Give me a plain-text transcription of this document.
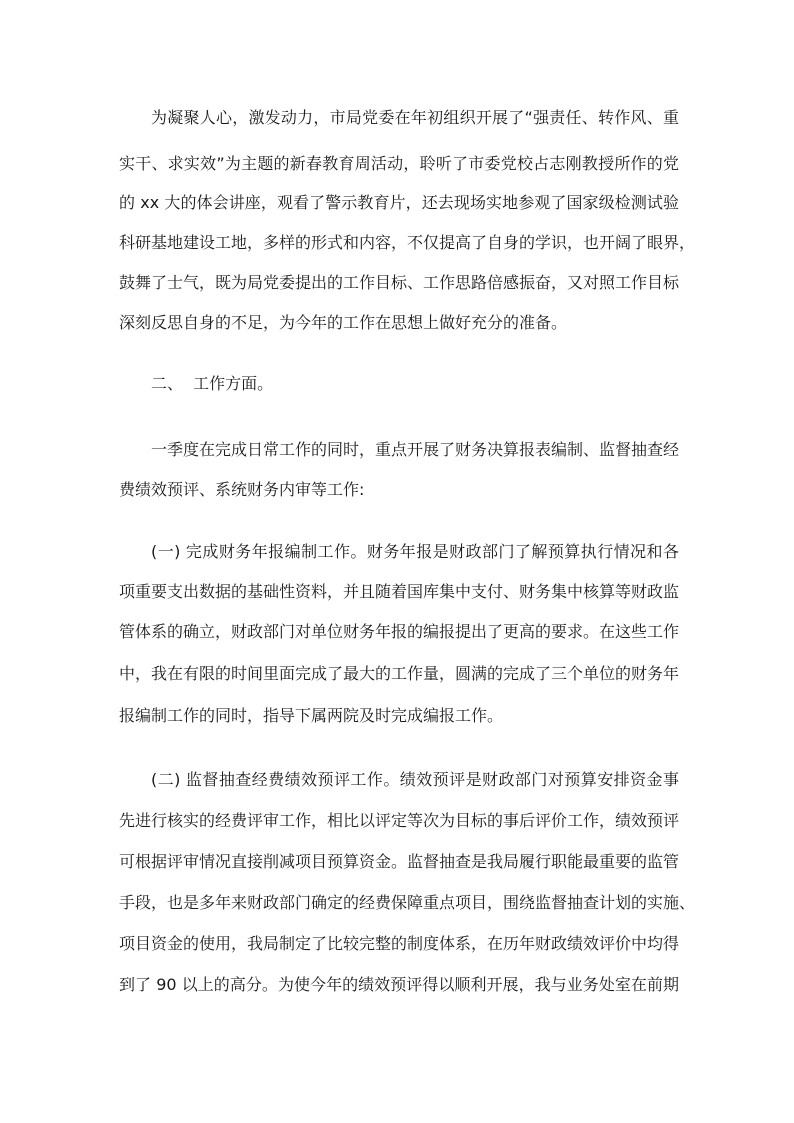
为凝聚人心，激发动力，市局党委在年初组织开展了“强责任、转作风、重
实干、求实效”为主题的新春教育周活动，聆听了市委党校占志刚教授所作的党
的 xx 大的体会讲座，观看了警示教育片，还去现场实地参观了国家级检测试验
科研基地建设工地，多样的形式和内容，不仅提高了自身的学识，也开阔了眼界，
鼓舞了士气，既为局党委提出的工作目标、工作思路倍感振奋，又对照工作目标
深刻反思自身的不足，为今年的工作在思想上做好充分的准备。
二、  工作方面。
一季度在完成日常工作的同时，重点开展了财务决算报表编制、监督抽查经
费绩效预评、系统财务内审等工作:
(一) 完成财务年报编制工作。财务年报是财政部门了解预算执行情况和各
项重要支出数据的基础性资料，并且随着国库集中支付、财务集中核算等财政监
管体系的确立，财政部门对单位财务年报的编报提出了更高的要求。在这些工作
中，我在有限的时间里面完成了最大的工作量，圆满的完成了三个单位的财务年
报编制工作的同时，指导下属两院及时完成编报工作。
(二) 监督抽查经费绩效预评工作。绩效预评是财政部门对预算安排资金事
先进行核实的经费评审工作，相比以评定等次为目标的事后评价工作，绩效预评
可根据评审情况直接削减项目预算资金。监督抽查是我局履行职能最重要的监管
手段，也是多年来财政部门确定的经费保障重点项目，围绕监督抽查计划的实施、
项目资金的使用，我局制定了比较完整的制度体系，在历年财政绩效评价中均得
到了 90 以上的高分。为使今年的绩效预评得以顺利开展，我与业务处室在前期
